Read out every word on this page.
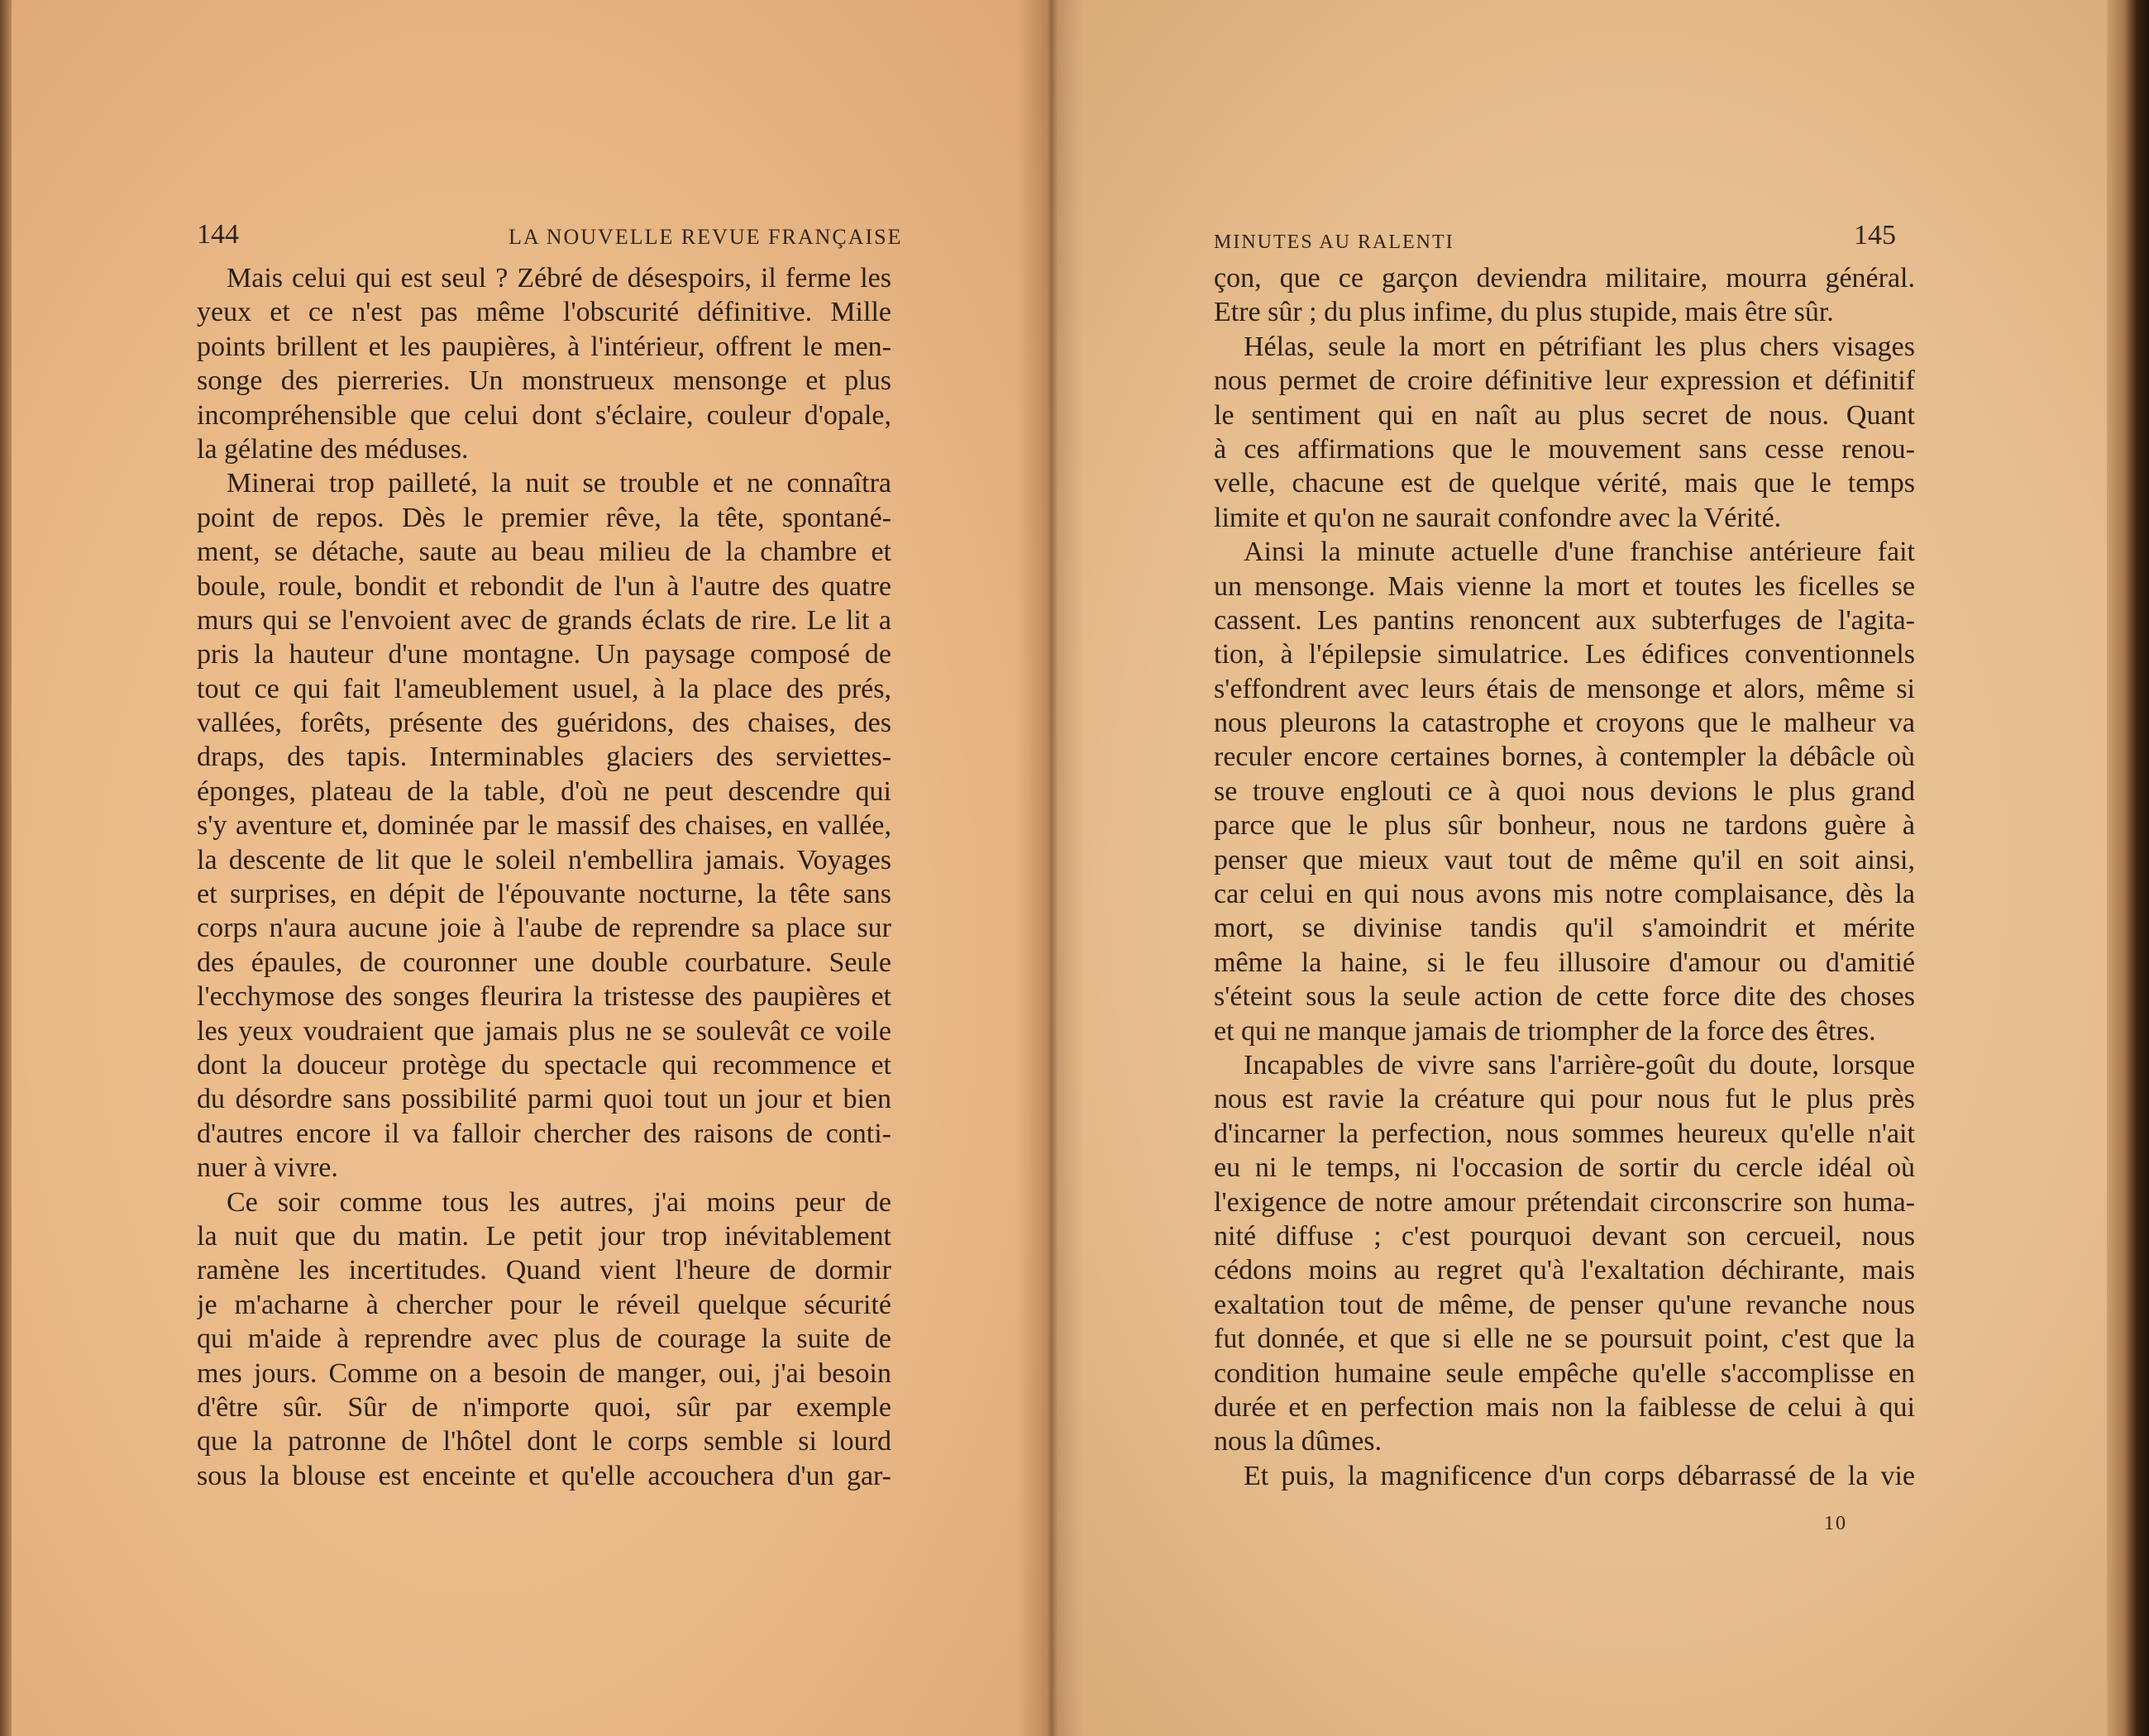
144	LA NOUVELLE REVUE FRANÇAISE
Mais celui qui est seul ? Zébré de désespoirs, il ferme les
yeux et ce n'est pas même l'obscurité définitive. Mille
points brillent et les paupières, à l'intérieur, offrent le men-
songe des pierreries. Un monstrueux mensonge et plus
incompréhensible que celui dont s'éclaire, couleur d'opale,
la gélatine des méduses.
Minerai trop pailleté, la nuit se trouble et ne connaîtra
point de repos. Dès le premier rêve, la tête, spontané-
ment, se détache, saute au beau milieu de la chambre et
boule, roule, bondit et rebondit de l'un à l'autre des quatre
murs qui se l'envoient avec de grands éclats de rire. Le lit a
pris la hauteur d'une montagne. Un paysage composé de
tout ce qui fait l'ameublement usuel, à la place des prés,
vallées, forêts, présente des guéridons, des chaises, des
draps, des tapis. Interminables glaciers des serviettes-
éponges, plateau de la table, d'où ne peut descendre qui
s'y aventure et, dominée par le massif des chaises, en vallée,
la descente de lit que le soleil n'embellira jamais. Voyages
et surprises, en dépit de l'épouvante nocturne, la tête sans
corps n'aura aucune joie à l'aube de reprendre sa place sur
des épaules, de couronner une double courbature. Seule
l'ecchymose des songes fleurira la tristesse des paupières et
les yeux voudraient que jamais plus ne se soulevât ce voile
dont la douceur protège du spectacle qui recommence et
du désordre sans possibilité parmi quoi tout un jour et bien
d'autres encore il va falloir chercher des raisons de conti-
nuer à vivre.
Ce soir comme tous les autres, j'ai moins peur de
la nuit que du matin. Le petit jour trop inévitablement
ramène les incertitudes. Quand vient l'heure de dormir
je m'acharne à chercher pour le réveil quelque sécurité
qui m'aide à reprendre avec plus de courage la suite de
mes jours. Comme on a besoin de manger, oui, j'ai besoin
d'être sûr. Sûr de n'importe quoi, sûr par exemple
que la patronne de l'hôtel dont le corps semble si lourd
sous la blouse est enceinte et qu'elle accouchera d'un gar-
MINUTES AU RALENTI	145
çon, que ce garçon deviendra militaire, mourra général.
Etre sûr ; du plus infime, du plus stupide, mais être sûr.
Hélas, seule la mort en pétrifiant les plus chers visages
nous permet de croire définitive leur expression et définitif
le sentiment qui en naît au plus secret de nous. Quant
à ces affirmations que le mouvement sans cesse renou-
velle, chacune est de quelque vérité, mais que le temps
limite et qu'on ne saurait confondre avec la Vérité.
Ainsi la minute actuelle d'une franchise antérieure fait
un mensonge. Mais vienne la mort et toutes les ficelles se
cassent. Les pantins renoncent aux subterfuges de l'agita-
tion, à l'épilepsie simulatrice. Les édifices conventionnels
s'effondrent avec leurs étais de mensonge et alors, même si
nous pleurons la catastrophe et croyons que le malheur va
reculer encore certaines bornes, à contempler la débâcle où
se trouve englouti ce à quoi nous devions le plus grand
parce que le plus sûr bonheur, nous ne tardons guère à
penser que mieux vaut tout de même qu'il en soit ainsi,
car celui en qui nous avons mis notre complaisance, dès la
mort, se divinise tandis qu'il s'amoindrit et mérite
même la haine, si le feu illusoire d'amour ou d'amitié
s'éteint sous la seule action de cette force dite des choses
et qui ne manque jamais de triompher de la force des êtres.
Incapables de vivre sans l'arrière-goût du doute, lorsque
nous est ravie la créature qui pour nous fut le plus près
d'incarner la perfection, nous sommes heureux qu'elle n'ait
eu ni le temps, ni l'occasion de sortir du cercle idéal où
l'exigence de notre amour prétendait circonscrire son huma-
nité diffuse ; c'est pourquoi devant son cercueil, nous
cédons moins au regret qu'à l'exaltation déchirante, mais
exaltation tout de même, de penser qu'une revanche nous
fut donnée, et que si elle ne se poursuit point, c'est que la
condition humaine seule empêche qu'elle s'accomplisse en
durée et en perfection mais non la faiblesse de celui à qui
nous la dûmes.
Et puis, la magnificence d'un corps débarrassé de la vie
10
